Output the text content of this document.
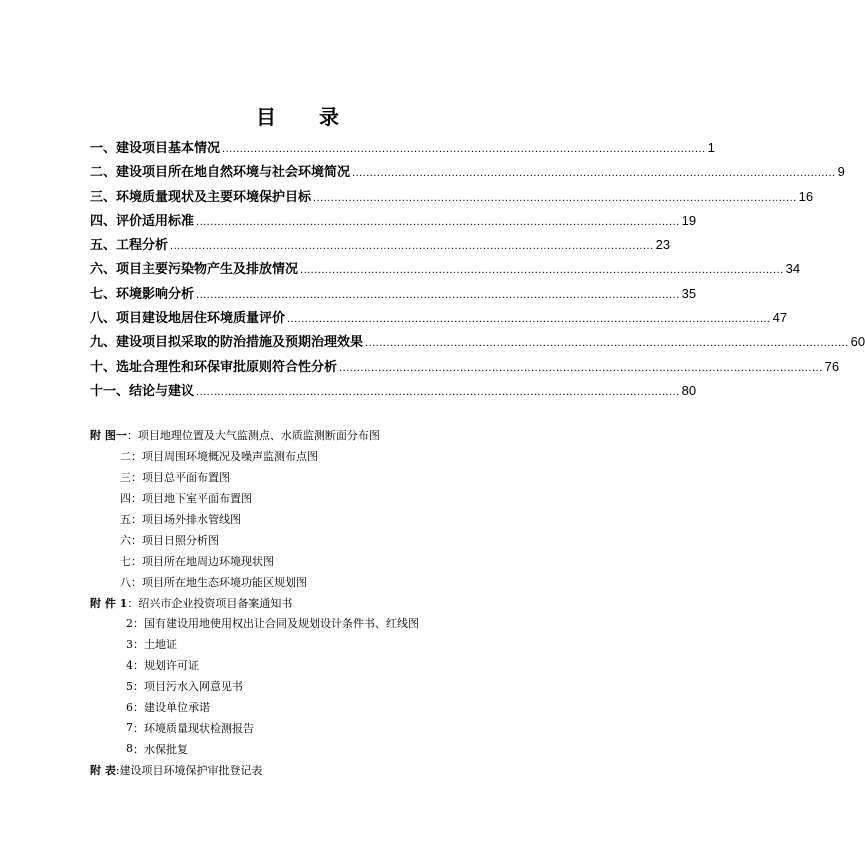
目 录
一、建设项目基本情况 ........................................................................................................................................ 1
二、建设项目所在地自然环境与社会环境简况 ........................................................................................................................................ 9
三、环境质量现状及主要环境保护目标 ........................................................................................................................................ 16
四、评价适用标准 ........................................................................................................................................ 19
五、工程分析 ........................................................................................................................................ 23
六、项目主要污染物产生及排放情况 ........................................................................................................................................ 34
七、环境影响分析 ........................................................................................................................................ 35
八、项目建设地居住环境质量评价 ........................................................................................................................................ 47
九、建设项目拟采取的防治措施及预期治理效果 ........................................................................................................................................ 60
十、选址合理性和环保审批原则符合性分析 ........................................................................................................................................ 76
十一、结论与建议 ........................................................................................................................................ 80
附 图一 ：项目地理位置及大气监测点、水质监测断面分布图
二 ：项目周围环境概况及噪声监测布点图
三 ：项目总平面布置图
四 ：项目地下室平面布置图
五 ：项目场外排水管线图
六 ：项目日照分析图
七 ：项目所在地周边环境现状图
八 ：项目所在地生态环境功能区规划图
附 件 1 ：绍兴市企业投资项目备案通知书
2 ：国有建设用地使用权出让合同及规划设计条件书、红线图
3 ：土地证
4 ：规划许可证
5 ：项目污水入网意见书
6 ：建设单位承诺
7 ：环境质量现状检测报告
8 ：水保批复
附 表 :建设项目环境保护审批登记表
